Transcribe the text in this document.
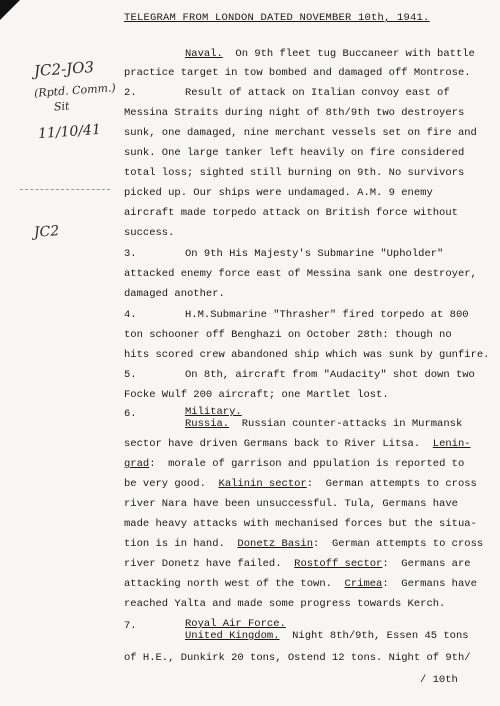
TELEGRAM FROM LONDON DATED NOVEMBER 10th, 1941.
JC2-JO3
(Rptd. Comm.)
Sit
11/10/41
JC2
Naval. On 9th fleet tug Buccaneer with battle
practice target in tow bombed and damaged off Montrose.
2.	Result of attack on Italian convoy east of
Messina Straits during night of 8th/9th two destroyers
sunk, one damaged, nine merchant vessels set on fire and
sunk. One large tanker left heavily on fire considered
total loss; sighted still burning on 9th. No survivors
picked up. Our ships were undamaged. A.M. 9 enemy
aircraft made torpedo attack on British force without
success.
3.	On 9th His Majesty's Submarine "Upholder"
attacked enemy force east of Messina sank one destroyer,
damaged another.
4.	H.M.Submarine "Thrasher" fired torpedo at 800
ton schooner off Benghazi on October 28th: though no
hits scored crew abandoned ship which was sunk by gunfire.
5.	On 8th, aircraft from "Audacity" shot down two
Focke Wulf 200 aircraft; one Martlet lost.
6.	Military.
Russia. Russian counter-attacks in Murmansk
sector have driven Germans back to River Litsa.  Lenin-
grad:  morale of garrison and ppulation is reported to
be very good.  Kalinin sector:  German attempts to cross
river Nara have been unsuccessful. Tula, Germans have
made heavy attacks with mechanised forces but the situa-
tion is in hand.  Donetz Basin:  German attempts to cross
river Donetz have failed.  Rostoff sector:  Germans are
attacking north west of the town.  Crimea:  Germans have
reached Yalta and made some progress towards Kerch.
7.	Royal Air Force.
United Kingdom. Night 8th/9th, Essen 45 tons
of H.E., Dunkirk 20 tons, Ostend 12 tons. Night of 9th/
/ 10th
